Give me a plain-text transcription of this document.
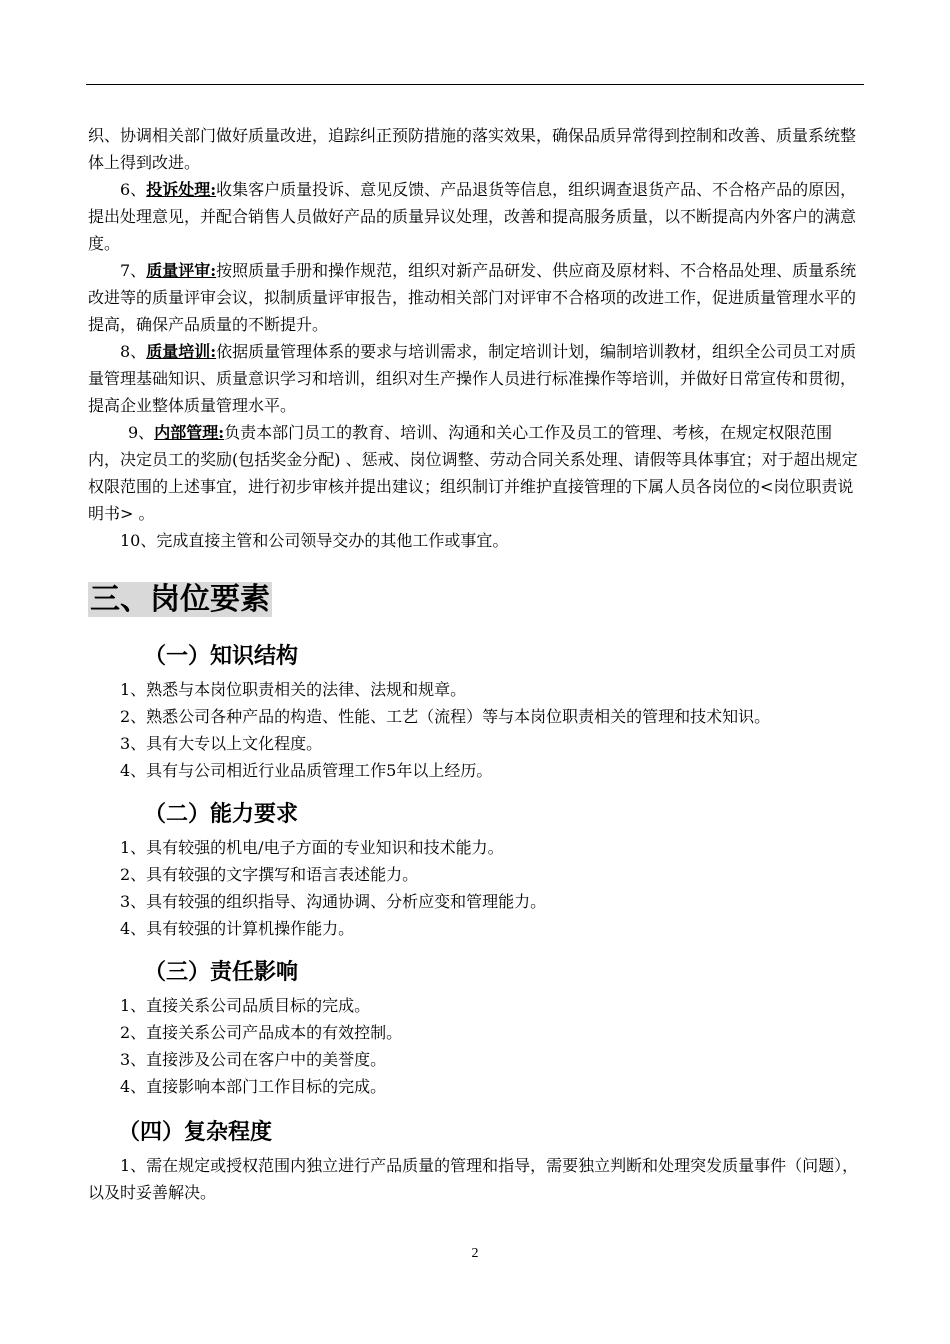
织、协调相关部门做好质量改进，追踪纠正预防措施的落实效果，确保品质异常得到控制和改善、质量系统整体上得到改进。

6、投诉处理:收集客户质量投诉、意见反馈、产品退货等信息，组织调查退货产品、不合格产品的原因，提出处理意见，并配合销售人员做好产品的质量异议处理，改善和提高服务质量，以不断提高内外客户的满意度。

7、质量评审:按照质量手册和操作规范，组织对新产品研发、供应商及原材料、不合格品处理、质量系统改进等的质量评审会议，拟制质量评审报告，推动相关部门对评审不合格项的改进工作，促进质量管理水平的提高，确保产品质量的不断提升。

8、质量培训:依据质量管理体系的要求与培训需求，制定培训计划，编制培训教材，组织全公司员工对质量管理基础知识、质量意识学习和培训，组织对生产操作人员进行标准操作等培训，并做好日常宣传和贯彻，提高企业整体质量管理水平。

9、内部管理:负责本部门员工的教育、培训、沟通和关心工作及员工的管理、考核，在规定权限范围内，决定员工的奖励(包括奖金分配) 、惩戒、岗位调整、劳动合同关系处理、请假等具体事宜；对于超出规定权限范围的上述事宜，进行初步审核并提出建议；组织制订并维护直接管理的下属人员各岗位的<岗位职责说明书> 。

10、完成直接主管和公司领导交办的其他工作或事宜。

三、岗位要素
（一）知识结构

1、熟悉与本岗位职责相关的法律、法规和规章。

2、熟悉公司各种产品的构造、性能、工艺（流程）等与本岗位职责相关的管理和技术知识。

3、具有大专以上文化程度。

4、具有与公司相近行业品质管理工作5年以上经历。

（二）能力要求

1、具有较强的机电/电子方面的专业知识和技术能力。

2、具有较强的文字撰写和语言表述能力。

3、具有较强的组织指导、沟通协调、分析应变和管理能力。

4、具有较强的计算机操作能力。

（三）责任影响

1、直接关系公司品质目标的完成。

2、直接关系公司产品成本的有效控制。

3、直接涉及公司在客户中的美誉度。

4、直接影响本部门工作目标的完成。

（四）复杂程度

1、需在规定或授权范围内独立进行产品质量的管理和指导，需要独立判断和处理突发质量事件（问题），以及时妥善解决。

2
